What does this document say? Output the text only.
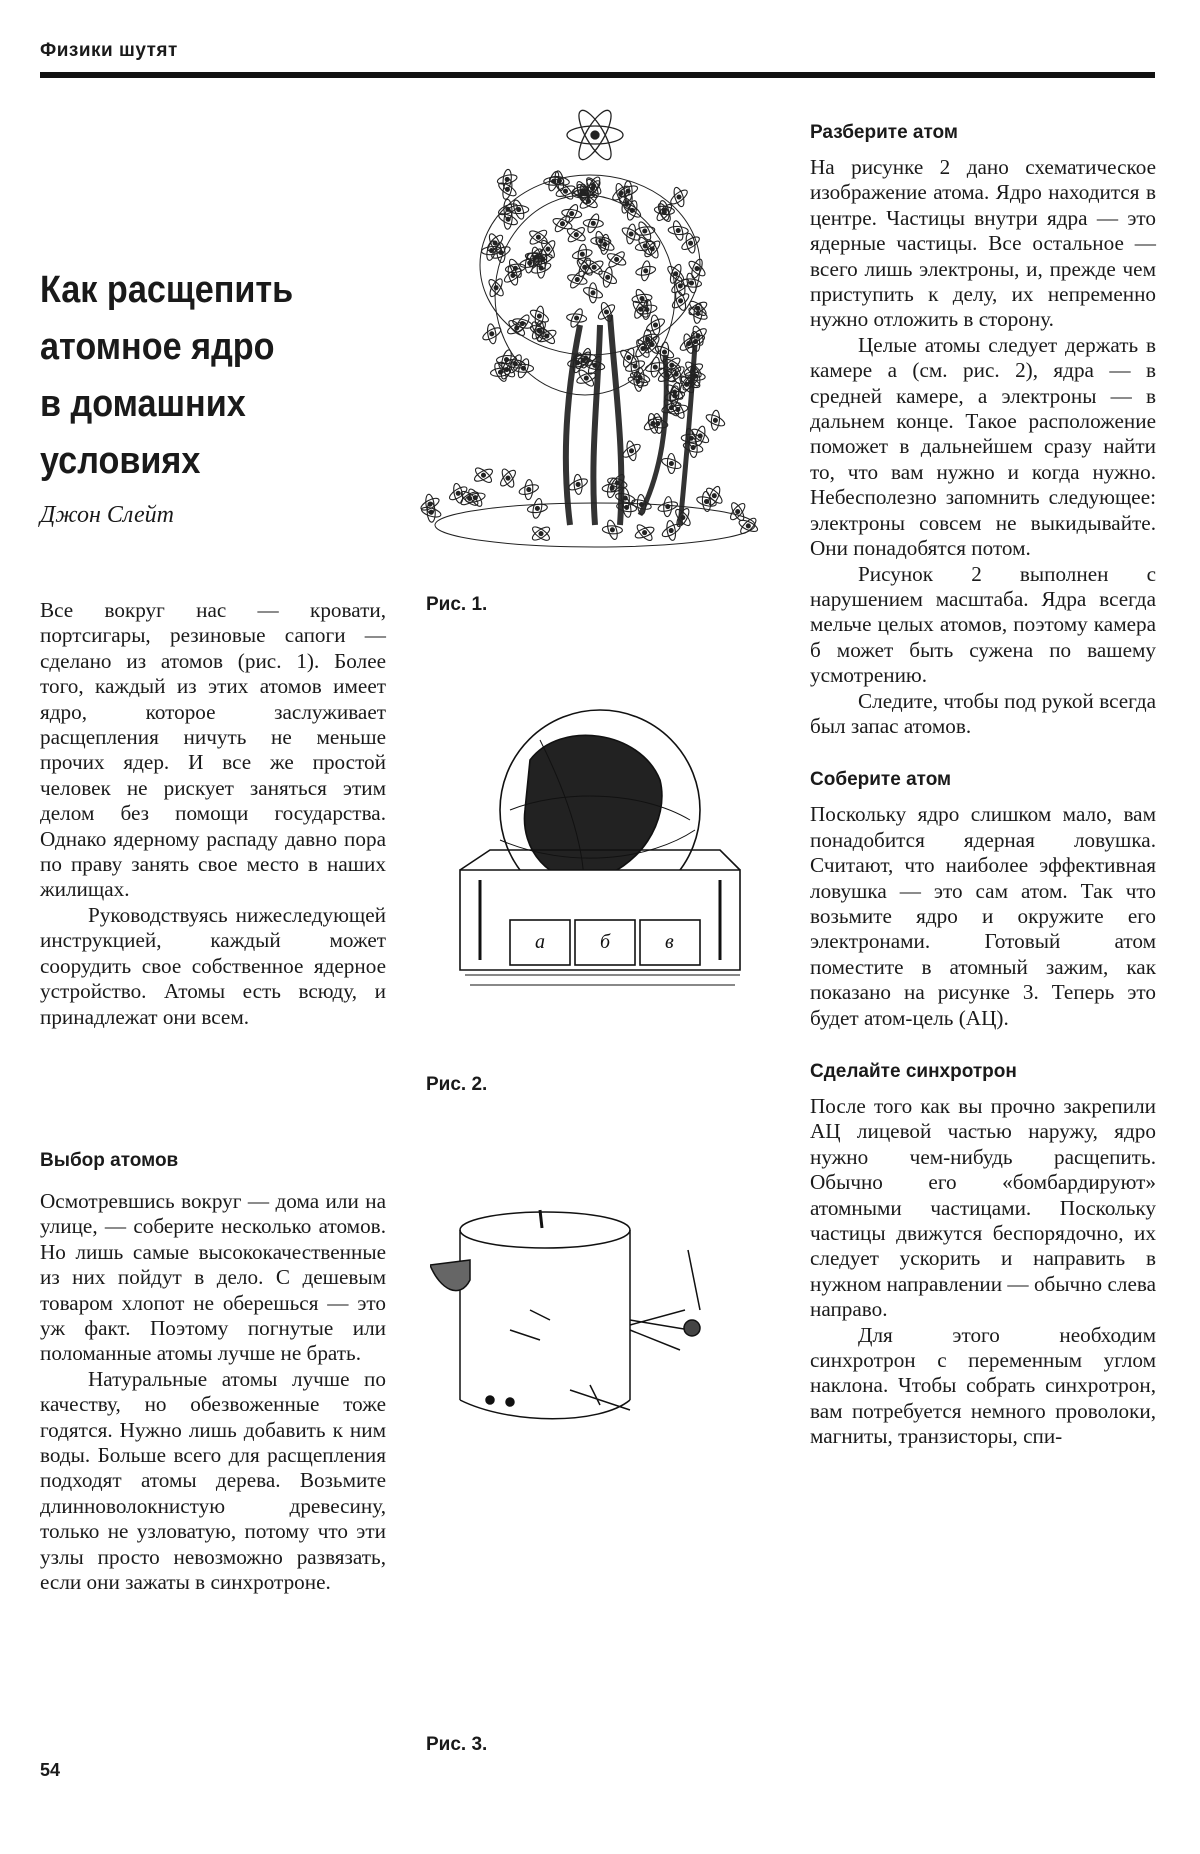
Физики шутят
Как расщепить
атомное ядро
в домашних
условиях
Джон Слейт

Все вокруг нас — кровати, портсигары, резиновые сапоги — сделано из атомов (рис. 1). Более того, каждый из этих атомов имеет ядро, которое заслуживает расщепления ничуть не меньше прочих ядер. И все же простой человек не рискует заняться этим делом без помощи государства. Однако ядерному распаду давно пора по праву занять свое место в наших жилищах.

Руководствуясь нижеследующей инструкцией, каждый может соорудить свое собственное ядерное устройство. Атомы есть всюду, и принадлежат они всем.

Выбор атомов

Осмотревшись вокруг — дома или на улице, — соберите несколько атомов. Но лишь самые высококачественные из них пойдут в дело. С дешевым товаром хлопот не оберешься — это уж факт. Поэтому погнутые или поломанные атомы лучше не брать.

Натуральные атомы лучше по качеству, но обезвоженные тоже годятся. Нужно лишь добавить к ним воды. Больше всего для расщепления подходят атомы дерева. Возьмите длинноволокнистую древесину, только не узловатую, потому что эти узлы просто невозможно развязать, если они зажаты в синхротроне.

Рис. 1.
а	б	в
Рис. 2.
Рис. 3.
Разберите атом

На рисунке 2 дано схематическое изображение атома. Ядро находится в центре. Частицы внутри ядра — это ядерные частицы. Все остальное — всего лишь электроны, и, прежде чем приступить к делу, их непременно нужно отложить в сторону.

Целые атомы следует держать в камере а (см. рис. 2), ядра — в средней камере, а электроны — в дальнем конце. Такое расположение поможет в дальнейшем сразу найти то, что вам нужно и когда нужно. Небесполезно запомнить следующее: электроны совсем не выкидывайте. Они понадобятся потом.

Рисунок 2 выполнен с нарушением масштаба. Ядра всегда мельче целых атомов, поэтому камера б может быть сужена по вашему усмотрению.

Следите, чтобы под рукой всегда был запас атомов.

Соберите атом

Поскольку ядро слишком мало, вам понадобится ядерная ловушка. Считают, что наиболее эффективная ловушка — это сам атом. Так что возьмите ядро и окружите его электронами. Готовый атом поместите в атомный зажим, как показано на рисунке 3. Теперь это будет атом-цель (АЦ).

Сделайте синхротрон

После того как вы прочно закрепили АЦ лицевой частью наружу, ядро нужно чем-нибудь расщепить. Обычно его «бомбардируют» атомными частицами. Поскольку частицы движутся беспорядочно, их следует ускорить и направить в нужном направлении — обычно слева направо.

Для этого необходим синхротрон с переменным углом наклона. Чтобы собрать синхротрон, вам потребуется немного проволоки, магниты, транзисторы, спи-

54
